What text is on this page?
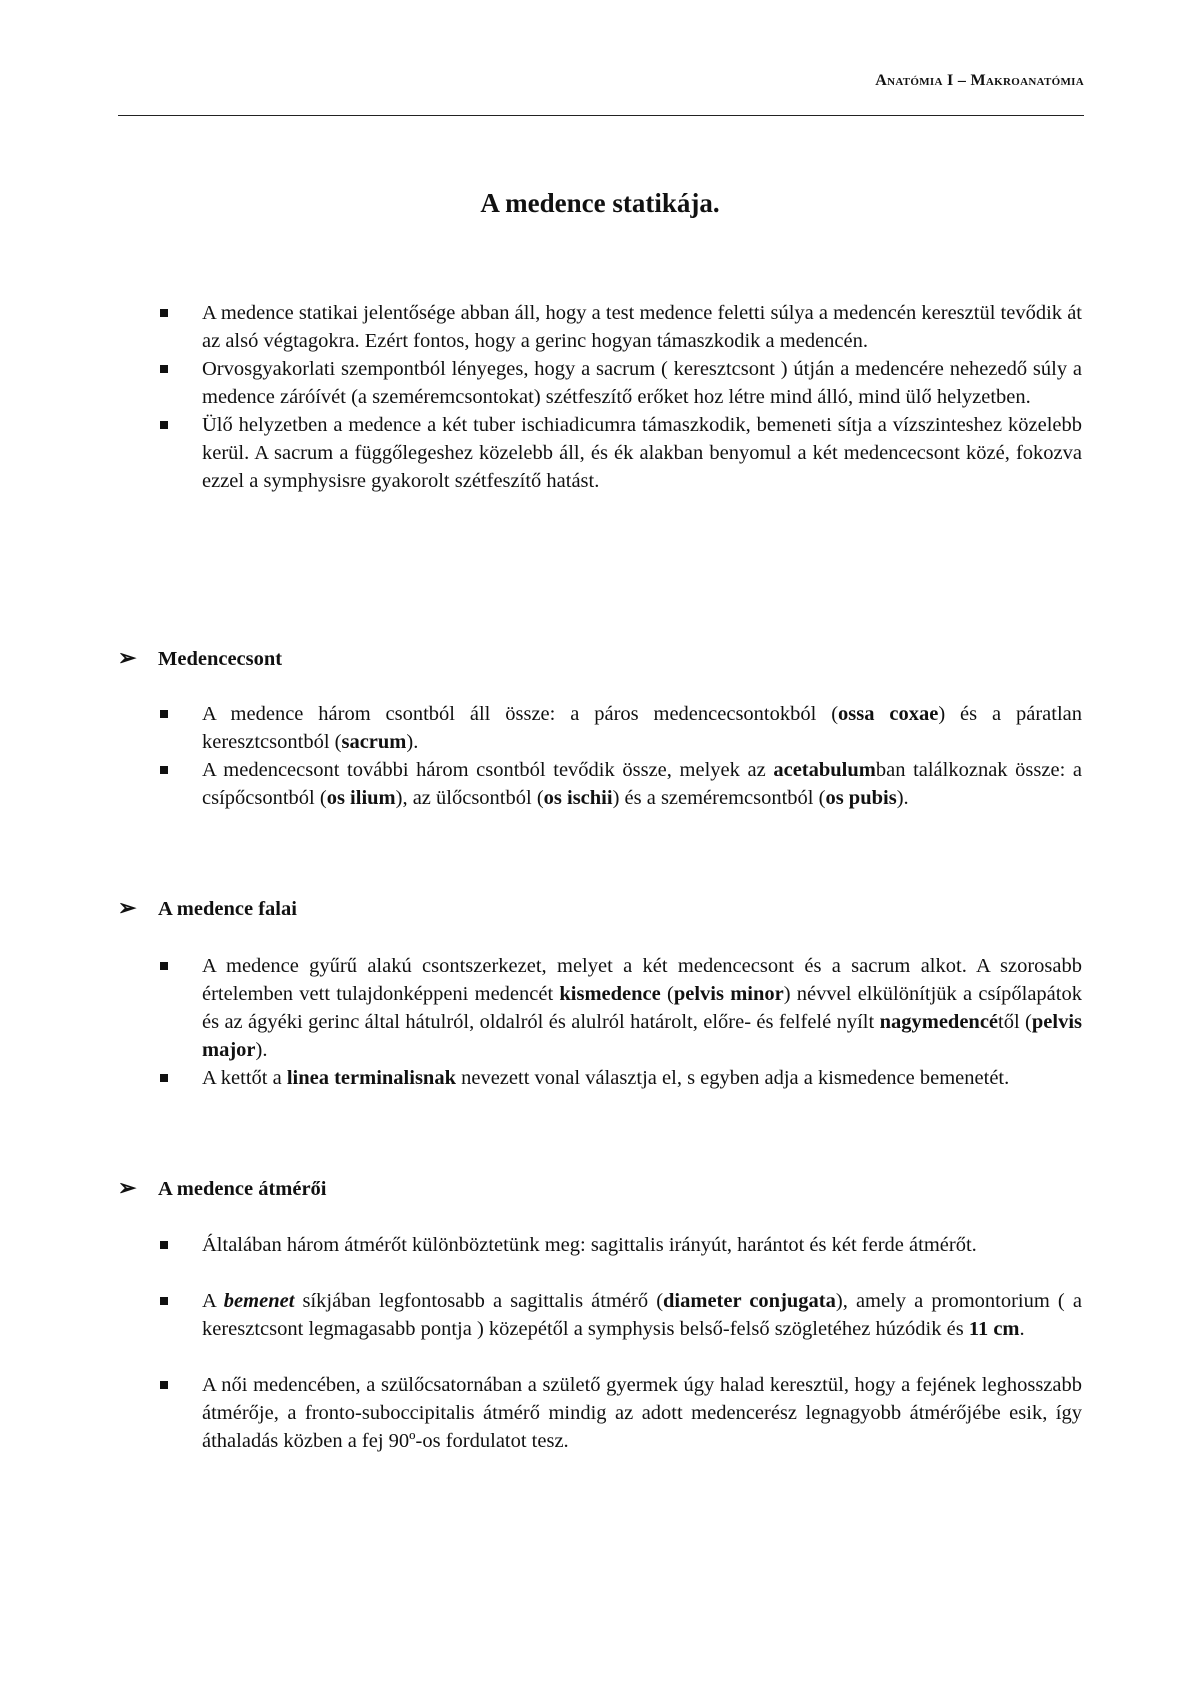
Anatómia I – Makroanatómia
A medence statikája.
A medence statikai jelentősége abban áll, hogy a test medence feletti súlya a medencén keresztül tevődik át az alsó végtagokra. Ezért fontos, hogy a gerinc hogyan támaszkodik a medencén.
Orvosgyakorlati szempontból lényeges, hogy a sacrum ( keresztcsont ) útján a medencére nehezedő súly a medence záróívét (a szeméremcsontokat) szétfeszítő erőket hoz létre mind álló, mind ülő helyzetben.
Ülő helyzetben a medence a két tuber ischiadicumra támaszkodik, bemeneti sítja a vízszinteshez közelebb kerül. A sacrum a függőlegeshez közelebb áll, és ék alakban benyomul a két medencecsont közé, fokozva ezzel a symphysisre gyakorolt szétfeszítő hatást.
➢ Medencecsont
A medence három csontból áll össze: a páros medencecsontokból (ossa coxae) és a páratlan keresztcsontból (sacrum).
A medencecsont további három csontból tevődik össze, melyek az acetabulumban találkoznak össze: a csípőcsontból (os ilium), az ülőcsontból (os ischii) és a szeméremcsontból (os pubis).
➢ A medence falai
A medence gyűrű alakú csontszerkezet, melyet a két medencecsont és a sacrum alkot. A szorosabb értelemben vett tulajdonképpeni medencét kismedence (pelvis minor) névvel elkülönítjük a csípőlapátok és az ágyéki gerinc által hátulról, oldalról és alulról határolt, előre- és felfelé nyílt nagymedencétől (pelvis major).
A kettőt a linea terminalisnak nevezett vonal választja el, s egyben adja a kismedence bemenetét.
➢ A medence átmérői
Általában három átmérőt különböztetünk meg: sagittalis irányút, harántot és két ferde átmérőt.
A bemenet síkjában legfontosabb a sagittalis átmérő (diameter conjugata), amely a promontorium ( a keresztcsont legmagasabb pontja ) közepétől a symphysis belső-felső szögletéhez húzódik és 11 cm.
A női medencében, a szülőcsatornában a születő gyermek úgy halad keresztül, hogy a fejének leghosszabb átmérője, a fronto-suboccipitalis átmérő mindig az adott medencerész legnagyobb átmérőjébe esik, így áthaladás közben a fej 90º-os fordulatot tesz.
